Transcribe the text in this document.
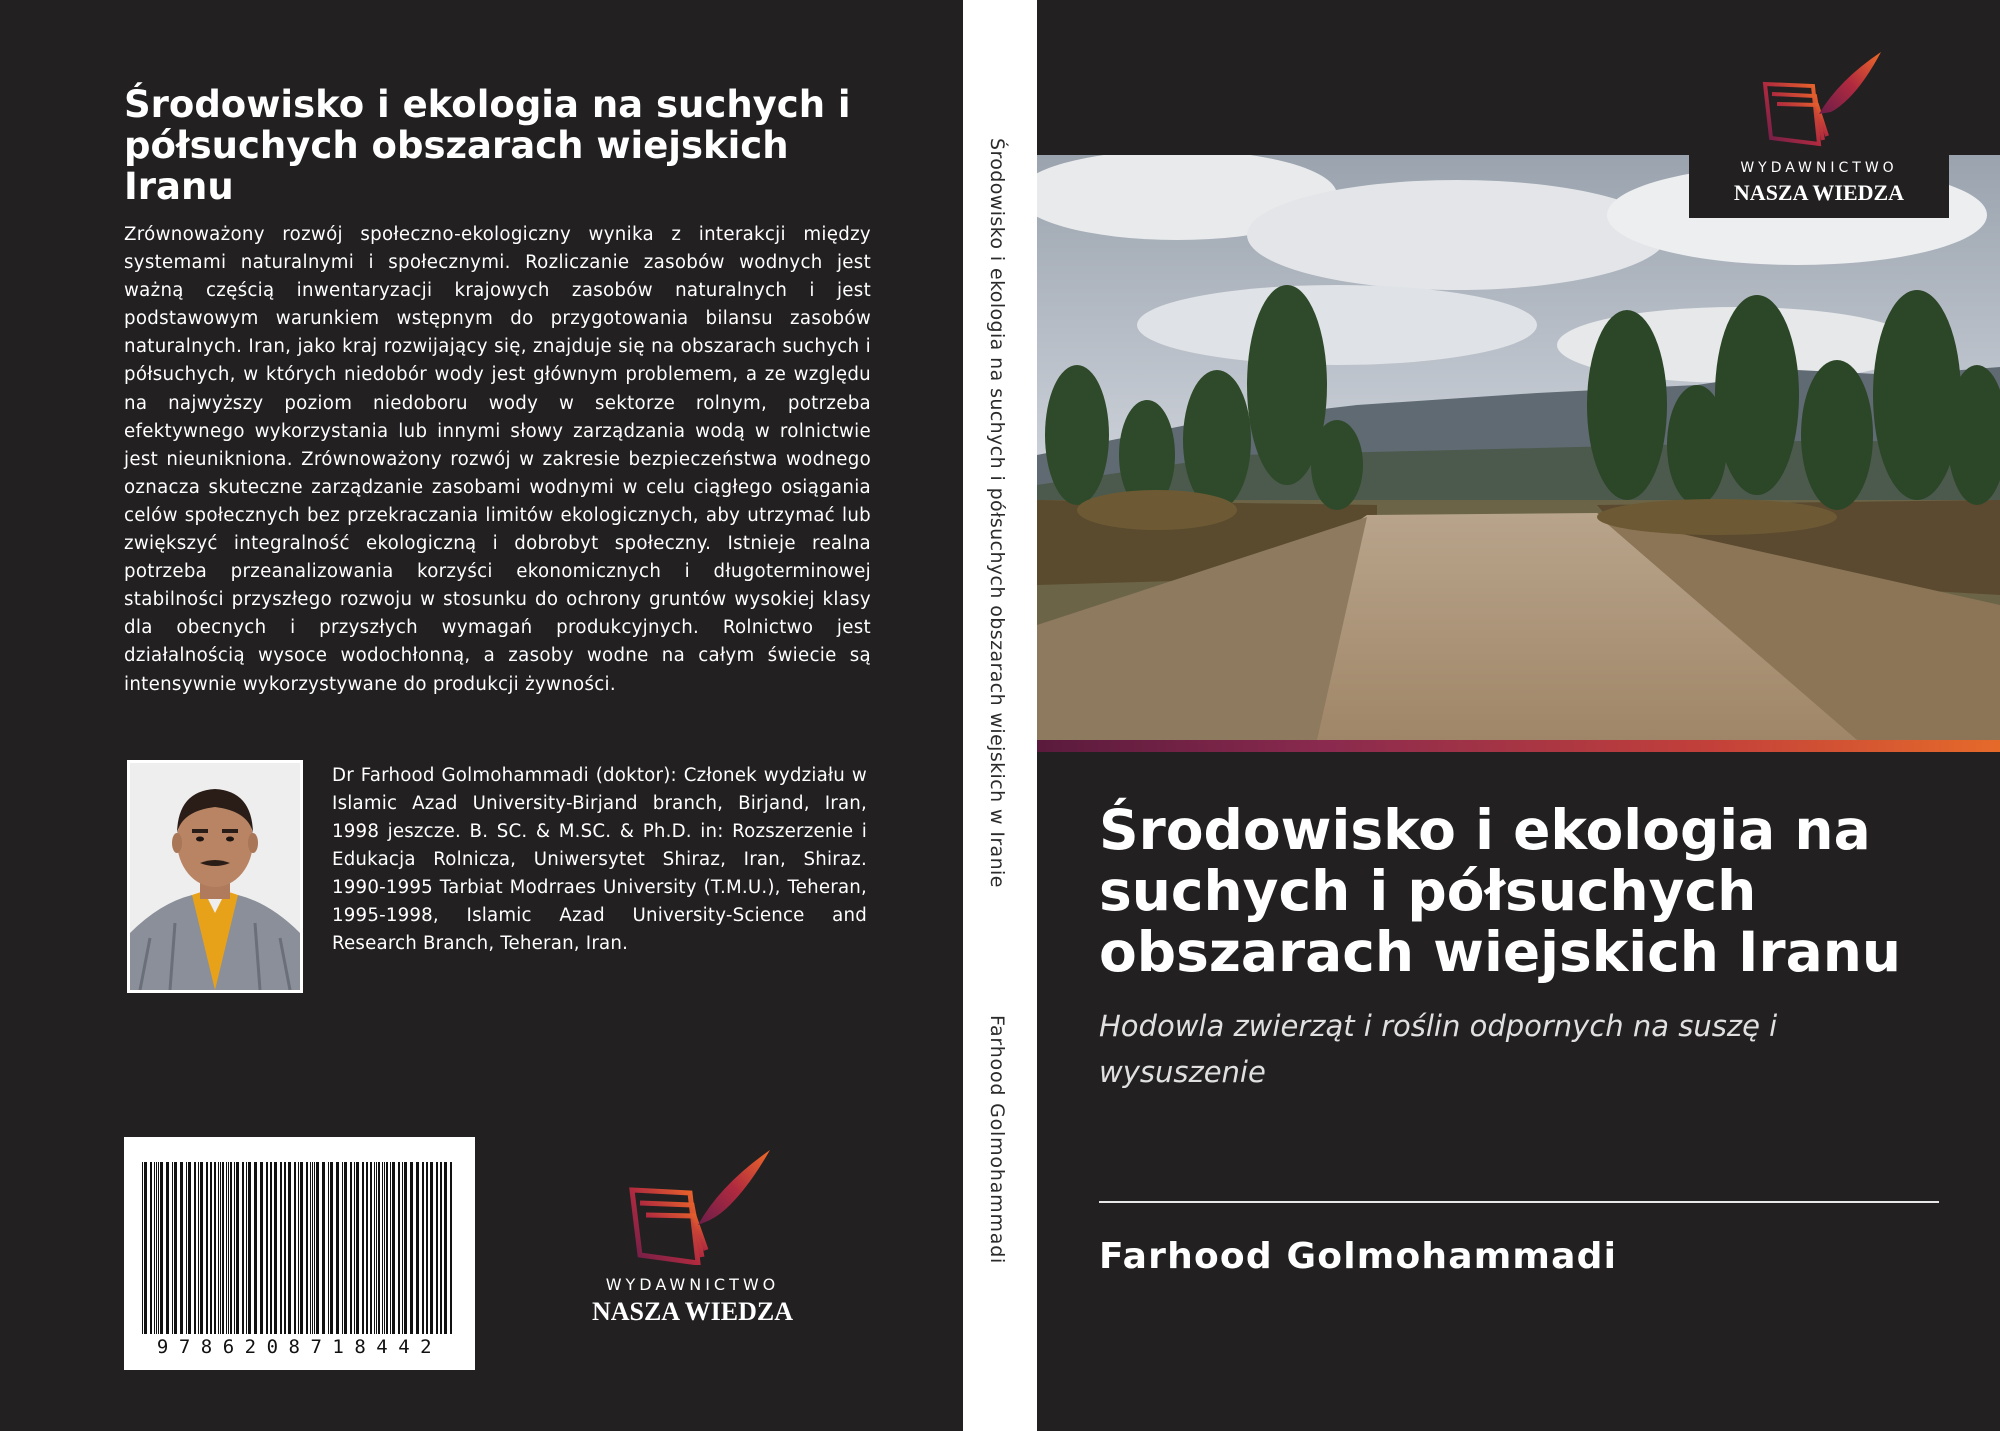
Środowisko i ekologia na suchych i półsuchych obszarach wiejskich Iranu

Zrównoważony rozwój społeczno-ekologiczny wynika z interakcji między systemami naturalnymi i społecznymi. Rozliczanie zasobów wodnych jest ważną częścią inwentaryzacji krajowych zasobów naturalnych i jest podstawowym warunkiem wstępnym do przygotowania bilansu zasobów naturalnych. Iran, jako kraj rozwijający się, znajduje się na obszarach suchych i półsuchych, w których niedobór wody jest głównym problemem, a ze względu na najwyższy poziom niedoboru wody w sektorze rolnym, potrzeba efektywnego wykorzystania lub innymi słowy zarządzania wodą w rolnictwie jest nieunikniona. Zrównoważony rozwój w zakresie bezpieczeństwa wodnego oznacza skuteczne zarządzanie zasobami wodnymi w celu ciągłego osiągania celów społecznych bez przekraczania limitów ekologicznych, aby utrzymać lub zwiększyć integralność ekologiczną i dobrobyt społeczny. Istnieje realna potrzeba przeanalizowania korzyści ekonomicznych i długoterminowej stabilności przyszłego rozwoju w stosunku do ochrony gruntów wysokiej klasy dla obecnych i przyszłych wymagań produkcyjnych. Rolnictwo jest działalnością wysoce wodochłonną, a zasoby wodne na całym świecie są intensywnie wykorzystywane do produkcji żywności.

Dr Farhood Golmohammadi (doktor): Członek wydziału w Islamic Azad University-Birjand branch, Birjand, Iran, 1998 jeszcze. B. SC. & M.SC. & Ph.D. in: Rozszerzenie i Edukacja Rolnicza, Uniwersytet Shiraz, Iran, Shiraz. 1990-1995 Tarbiat Modrraes University (T.M.U.), Teheran, 1995-1998, Islamic Azad University-Science and Research Branch, Teheran, Iran.

9786208718442
WYDAWNICTWO
NASZA WIEDZA
Środowisko i ekologia na suchych i półsuchych obszarach wiejskich w Iranie
Farhood Golmohammadi
WYDAWNICTWO
NASZA WIEDZA
Środowisko i ekologia na suchych i półsuchych obszarach wiejskich Iranu

Hodowla zwierząt i roślin odpornych na suszę i wysuszenie

Farhood Golmohammadi
